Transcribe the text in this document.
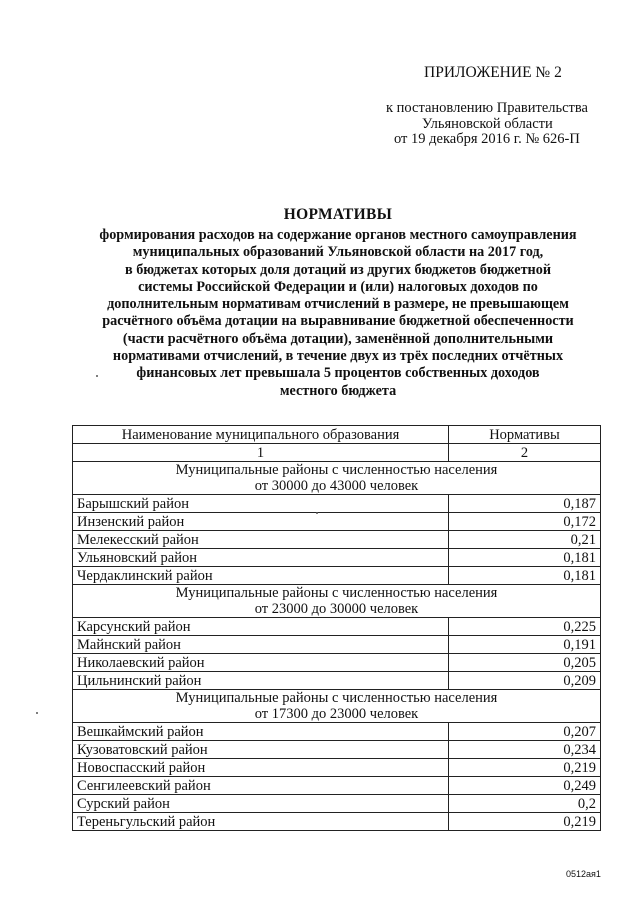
ПРИЛОЖЕНИЕ № 2
к постановлению Правительства
Ульяновской области
от 19 декабря 2016 г. № 626-П
НОРМАТИВЫ
формирования расходов на содержание органов местного самоуправления
муниципальных образований Ульяновской области на 2017 год,
в бюджетах которых доля дотаций из других бюджетов бюджетной
системы Российской Федерации и (или) налоговых доходов по
дополнительным нормативам отчислений в размере, не превышающем
расчётного объёма дотации на выравнивание бюджетной обеспеченности
(части расчётного объёма дотации), заменённой дополнительными
нормативами отчислений, в течение двух из трёх последних отчётных
финансовых лет превышала 5 процентов собственных доходов
местного бюджета
Наименование муниципального образования	Нормативы
1	2

Муниципальные районы с численностью населения
от 30000 до 43000 человек	

Барышский район	0,187
Инзенский район	0,172
Мелекесский район	0,21
Ульяновский район	0,181
Чердаклинский район	0,181

Муниципальные районы с численностью населения
от 23000 до 30000 человек	

Карсунский район	0,225
Майнский район	0,191
Николаевский район	0,205
Цильнинский район	0,209

Муниципальные районы с численностью населения
от 17300 до 23000 человек	

Вешкаймский район	0,207
Кузоватовский район	0,234
Новоспасский район	0,219
Сенгилеевский район	0,249
Сурский район	0,2
Тереньгульский район	0,219
0512ая1
